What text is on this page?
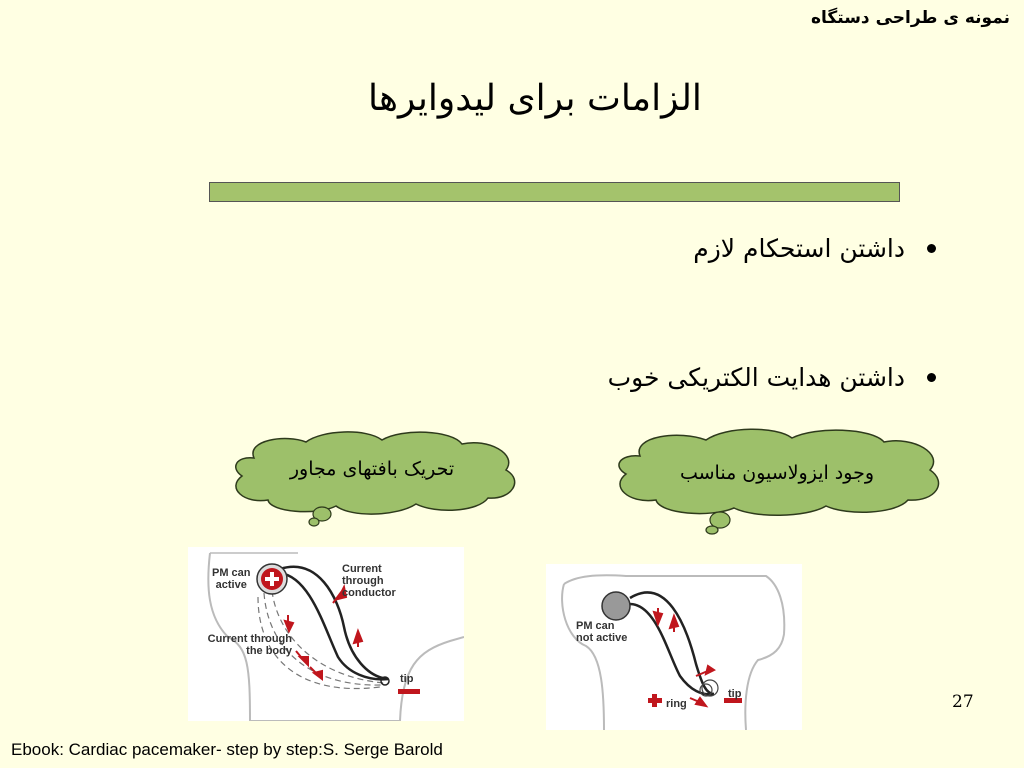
نمونه ی طراحی دستگاه
الزامات برای لیدوایرها
داشتن استحکام لازم
داشتن هدایت الکتریکی خوب
تحریک بافتهای مجاور	وجود ایزولاسیون مناسب
PM can
active
Current
through
conductor
Current through
the body
tip
PM can
not active
ring
tip	27
Ebook: Cardiac pacemaker- step by step:S. Serge Barold
